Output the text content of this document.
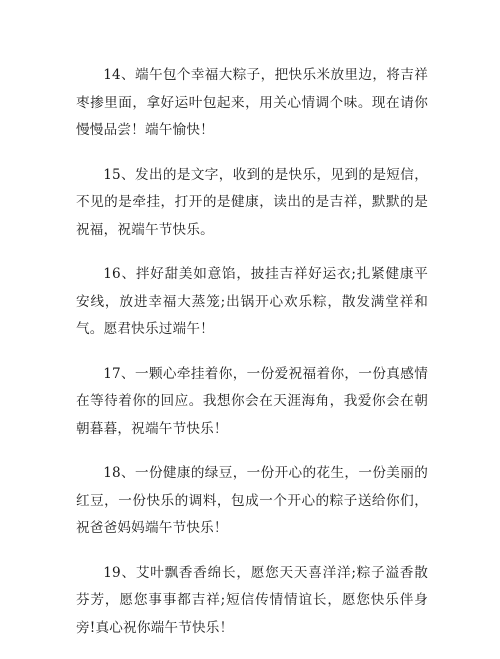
14、端午包个幸福大粽子，把快乐米放里边，将吉祥枣掺里面，拿好运叶包起来，用关心情调个味。现在请你慢慢品尝！端午愉快！

15、发出的是文字，收到的是快乐，见到的是短信，不见的是牵挂，打开的是健康，读出的是吉祥，默默的是祝福，祝端午节快乐。

16、拌好甜美如意馅，披挂吉祥好运衣;扎紧健康平安线，放进幸福大蒸笼;出锅开心欢乐粽，散发满堂祥和气。愿君快乐过端午！

17、一颗心牵挂着你，一份爱祝福着你，一份真感情在等待着你的回应。我想你会在天涯海角，我爱你会在朝朝暮暮，祝端午节快乐！

18、一份健康的绿豆，一份开心的花生，一份美丽的红豆，一份快乐的调料，包成一个开心的粽子送给你们，祝爸爸妈妈端午节快乐！

19、艾叶飘香香绵长，愿您天天喜洋洋;粽子溢香散芬芳，愿您事事都吉祥;短信传情情谊长，愿您快乐伴身旁!真心祝你端午节快乐！
